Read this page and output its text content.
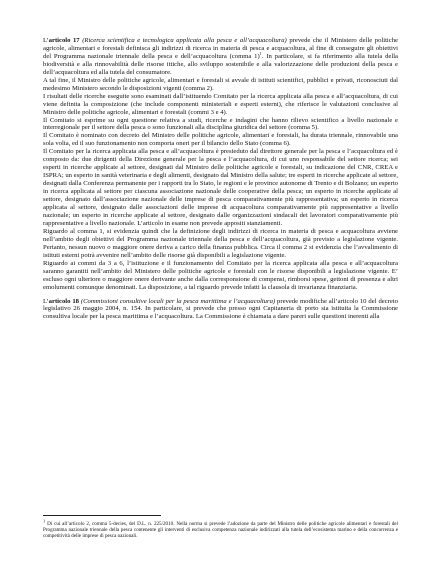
L’articolo 17 (Ricerca scientifica e tecnologica applicata alla pesca e all’acquacoltura) prevede che il Ministero delle politiche agricole, alimentari e forestali definisca gli indirizzi di ricerca in materia di pesca e acquacoltura, al fine di conseguire gli obiettivi del Programma nazionale triennale della pesca e dell’acquacoltura (comma 1)$^1$. In particolare, si fa riferimento alla tutela della biodiversità e alla rinnovabilità delle risorse ittiche, allo sviluppo sostenibile e alla valorizzazione delle produzioni della pesca e dell’acquacoltura ed alla tutela del consumatore.

A tal fine, il Ministro delle politiche agricole, alimentari e forestali si avvale di istituti scientifici, pubblici e privati, riconosciuti dal medesimo Ministero secondo le disposizioni vigenti (comma 2).

I risultati delle ricerche eseguite sono esaminati dall’istituendo Comitato per la ricerca applicata alla pesca e all’acquacoltura, di cui viene definita la composizione (che include componenti ministeriali e esperti esterni), che riferisce le valutazioni conclusive al Ministro delle politiche agricole, alimentari e forestali (commi 3 e 4).

Il Comitato si esprime su ogni questione relativa a studi, ricerche e indagini che hanno rilievo scientifico a livello nazionale e interregionale per il settore della pesca o sono funzionali alla disciplina giuridica del settore (comma 5).

Il Comitato è nominato con decreto del Ministro delle politiche agricole, alimentari e forestali, ha durata triennale, rinnovabile una sola volta, ed il suo funzionamento non comporta oneri per il bilancio dello Stato (comma 6).

Il Comitato per la ricerca applicata alla pesca e all’acquacoltura è presieduto dal direttore generale per la pesca e l’acquacoltura ed è composto da: due dirigenti della Direzione generale per la pesca e l’acquacoltura, di cui uno responsabile del settore ricerca; sei esperti in ricerche applicate al settore, designati dal Ministro delle politiche agricole e forestali, su indicazione del CNR, CREA e ISPRA; un esperto in sanità veterinaria e degli alimenti, designato dal Ministro della salute; tre esperti in ricerche applicate al settore, designati dalla Conferenza permanente per i rapporti tra lo Stato, le regioni e le province autonome di Trento e di Bolzano; un esperto in ricerca applicata al settore per ciascuna associazione nazionale delle cooperative della pesca; un esperto in ricerche applicate al settore, designato dall’associazione nazionale delle imprese di pesca comparativamente più rappresentativa; un esperto in ricerca applicata al settore, designato dalle associazioni delle imprese di acquacoltura comparativamente più rappresentative a livello nazionale; un esperto in ricerche applicate al settore, designato dalle organizzazioni sindacali dei lavoratori comparativamente più rappresentative a livello nazionale. L’articolo in esame non prevede appositi stanziamenti.

Riguardo al comma 1, si evidenzia quindi che la definizione degli indirizzi di ricerca in materia di pesca e acquacoltura avviene nell’ambito degli obiettivi del Programma nazionale triennale della pesca e dell’acquacoltura, già previsto a legislazione vigente. Pertanto, nessun nuovo o maggiore onere deriva a carico della finanza pubblica. Circa il comma 2 si evidenzia che l’avvalimento di istituti esterni potrà avvenire nell’ambito delle risorse già disponibili a legislazione vigente.

Riguardo ai commi da 3 a 6, l’istituzione e il funzionamento del Comitato per la ricerca applicata alla pesca e all’acquacoltura saranno garantiti nell’ambito del Ministero delle politiche agricole e forestali con le risorse disponibili a legislazione vigente. E’ escluso ogni ulteriore o maggiore onere derivante anche dalla corresponsione di compensi, rimborsi spese, gettoni di presenza e altri emolumenti comunque denominati. La disposizione, a tal riguardo prevede infatti la clausola di invarianza finanziaria.

L’articolo 18 (Commissioni consultive locali per la pesca marittima e l’acquacoltura) prevede modifiche all’articolo 10 del decreto legislativo 26 maggio 2004, n. 154. In particolare, si prevede che presso ogni Capitaneria di porto sia istituita la Commissione consultiva locale per la pesca marittima e l’acquacoltura. La Commissione è chiamata a dare pareri sulle questioni inerenti alla

$^1$ Di cui all’articolo 2, comma 5-decies, del D.L. n. 225/2010. Nella norma si prevede l’adozione da parte del Ministro delle politiche agricole alimentari e forestali del Programma nazionale triennale della pesca contenente gli interventi di esclusiva competenza nazionale indirizzati alla tutela dell’ecosistema marino e della concorrenza e competitività delle imprese di pesca nazionali.
